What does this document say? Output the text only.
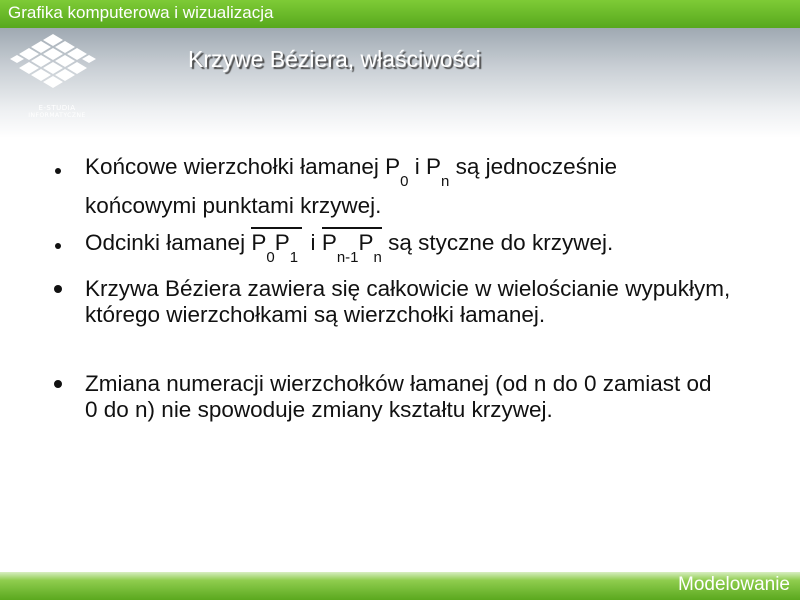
Grafika komputerowa i wizualizacja
E-STUDIA
INFORMATYCZNE
Krzywe Béziera, właściwości
Końcowe wierzchołki łamanej $P_0$ i $P_n$ są jednocześnie
końcowymi punktami krzywej.
Odcinki łamanej
$P_0P_1$  i
$P_{n-1}P_n$ są styczne do krzywej.
Krzywa Béziera zawiera się całkowicie w wielościanie wypukłym, którego wierzchołkami są wierzchołki łamanej.
Zmiana numeracji wierzchołków łamanej (od n do 0 zamiast od 0 do n) nie spowoduje zmiany kształtu krzywej.
Modelowanie
